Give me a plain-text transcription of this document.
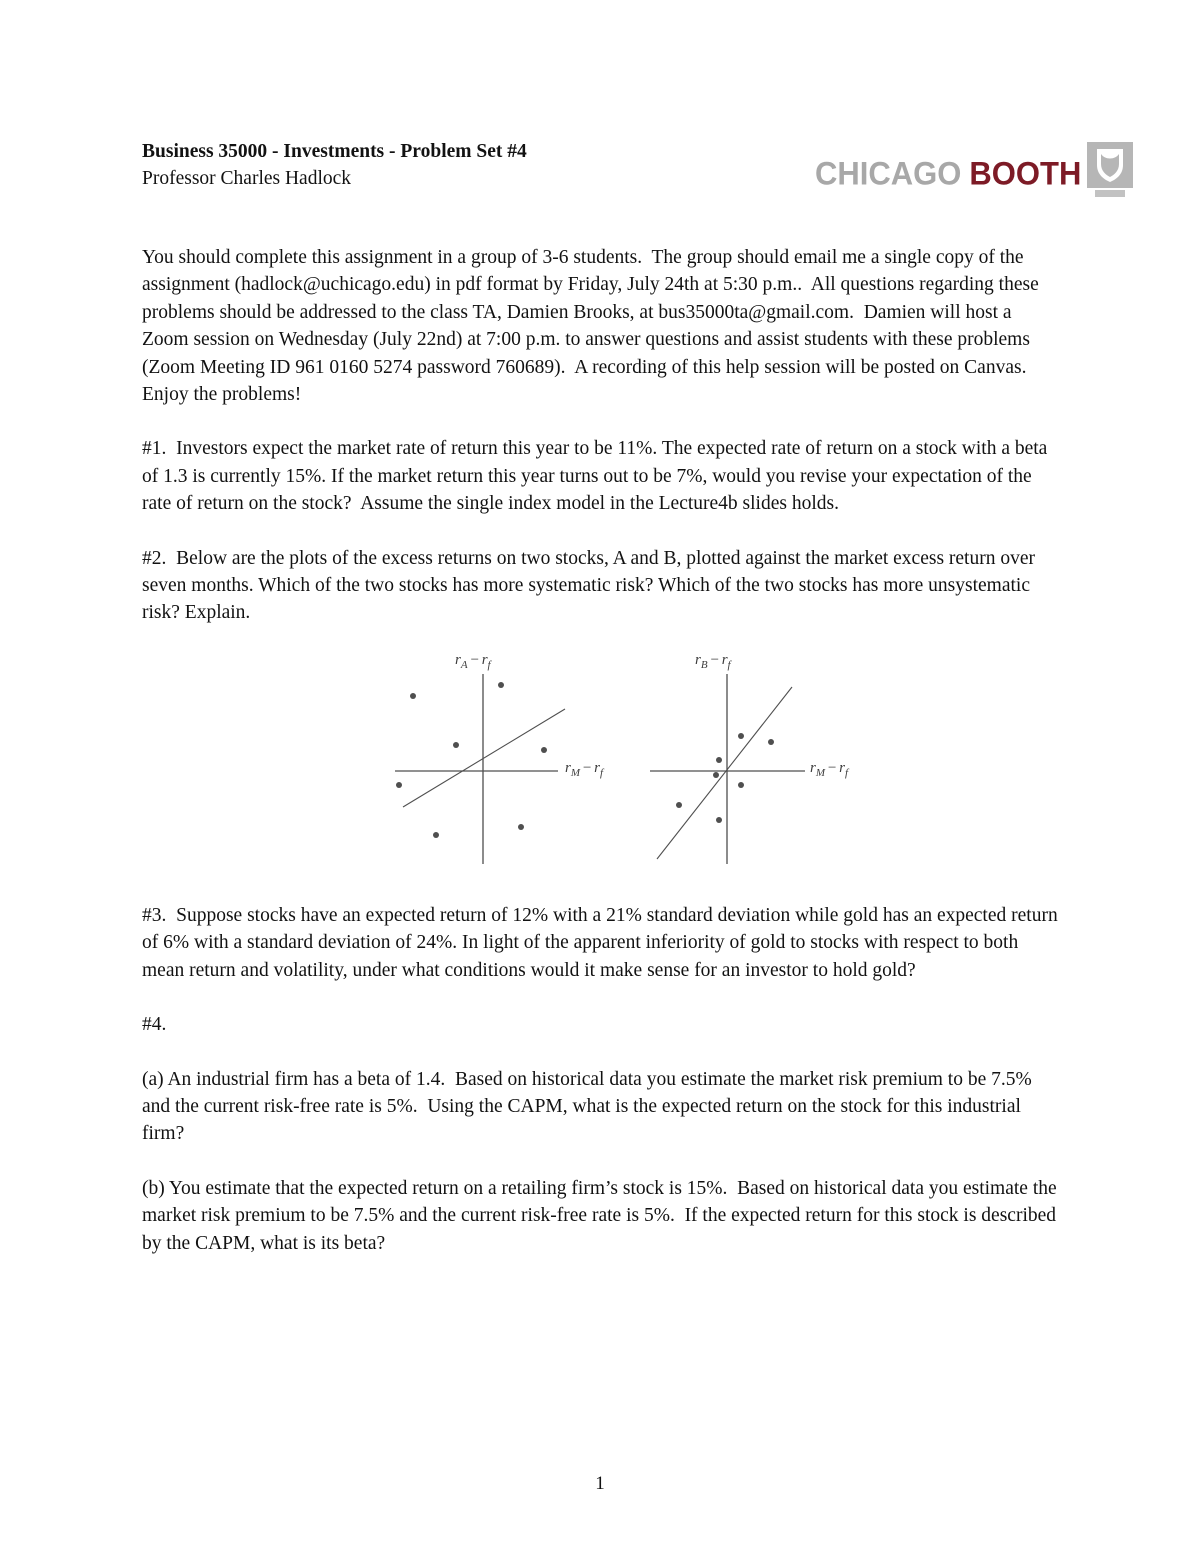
CHICAGO BOOTH
Business 35000 - Investments - Problem Set #4
Professor Charles Hadlock

You should complete this assignment in a group of 3-6 students.  The group should email me a single copy of the assignment (hadlock@uchicago.edu) in pdf format by Friday, July 24th at 5:30 p.m..  All questions regarding these problems should be addressed to the class TA, Damien Brooks, at bus35000ta@gmail.com.  Damien will host a Zoom session on Wednesday (July 22nd) at 7:00 p.m. to answer questions and assist students with these problems (Zoom Meeting ID 961 0160 5274 password 760689).  A recording of this help session will be posted on Canvas.  Enjoy the problems!

#1.  Investors expect the market rate of return this year to be 11%. The expected rate of return on a stock with a beta of 1.3 is currently 15%. If the market return this year turns out to be 7%, would you revise your expectation of the rate of return on the stock?  Assume the single index model in the Lecture4b slides holds.

#2.  Below are the plots of the excess returns on two stocks, A and B, plotted against the market excess return over seven months. Which of the two stocks has more systematic risk? Which of the two stocks has more unsystematic risk? Explain.

$r_A - r_f$
$r_M - r_f$
$r_B - r_f$
$r_M - r_f$

#3.  Suppose stocks have an expected return of 12% with a 21% standard deviation while gold has an expected return of 6% with a standard deviation of 24%. In light of the apparent inferiority of gold to stocks with respect to both mean return and volatility, under what conditions would it make sense for an investor to hold gold?

#4.

(a) An industrial firm has a beta of 1.4.  Based on historical data you estimate the market risk premium to be 7.5% and the current risk-free rate is 5%.  Using the CAPM, what is the expected return on the stock for this industrial firm?

(b) You estimate that the expected return on a retailing firm’s stock is 15%.  Based on historical data you estimate the market risk premium to be 7.5% and the current risk-free rate is 5%.  If the expected return for this stock is described by the CAPM, what is its beta?

1
